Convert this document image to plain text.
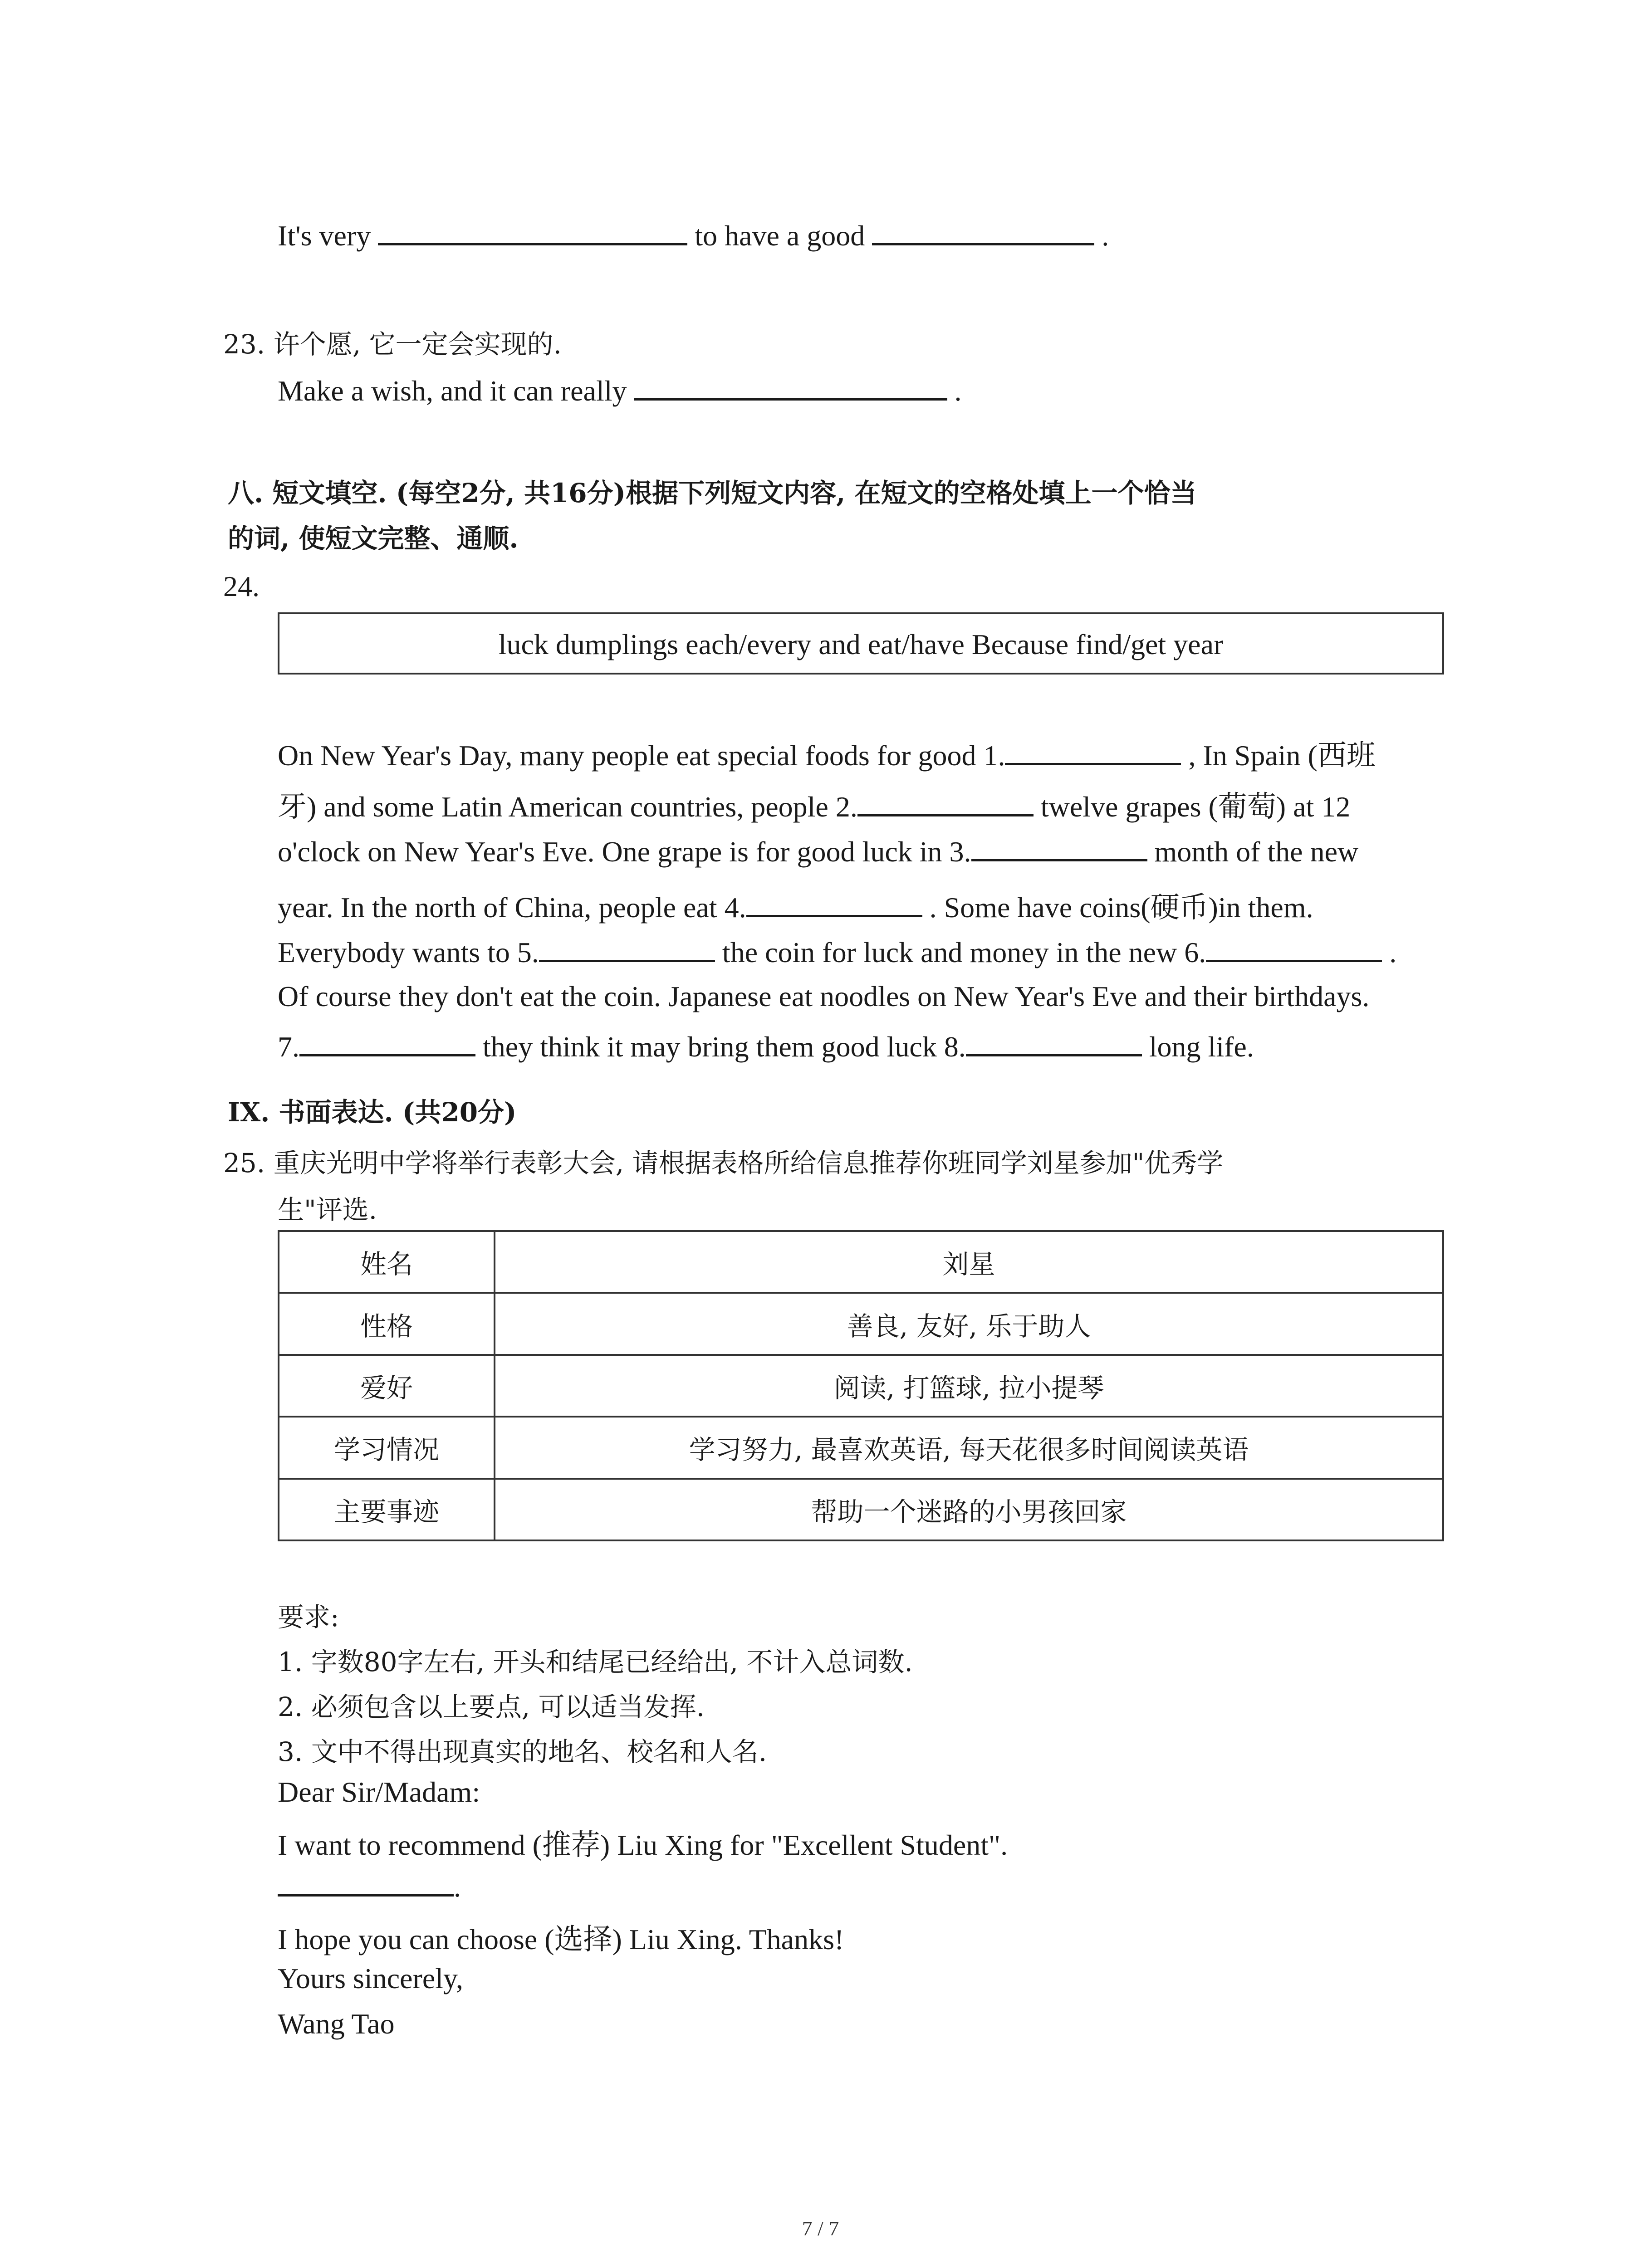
It's very	to have a good	.
23. 许个愿, 它一定会实现的.
Make a wish, and it can really	.
八. 短文填空. (每空2分, 共16分)根据下列短文内容, 在短文的空格处填上一个恰当
的词, 使短文完整、通顺.
24.
luck dumplings each/every and eat/have Because find/get year
On New Year's Day, many people eat special foods for good 1.	, In Spain (西班
牙) and some Latin American countries, people 2.	twelve grapes (葡萄) at 12
o'clock on New Year's Eve. One grape is for good luck in 3.	month of the new
year. In the north of China, people eat 4.	. Some have coins(硬币)in them.
Everybody wants to 5.	the coin for luck and money in the new 6.	.
Of course they don't eat the coin. Japanese eat noodles on New Year's Eve and their birthdays.
7.	they think it may bring them good luck 8.	long life.
IX. 书面表达. (共20分)
25. 重庆光明中学将举行表彰大会, 请根据表格所给信息推荐你班同学刘星参加"优秀学
生"评选.
姓名	刘星
性格	善良, 友好, 乐于助人
爱好	阅读, 打篮球, 拉小提琴
学习情况	学习努力, 最喜欢英语, 每天花很多时间阅读英语
主要事迹	帮助一个迷路的小男孩回家
要求:
1. 字数80字左右, 开头和结尾已经给出, 不计入总词数.
2. 必须包含以上要点, 可以适当发挥.
3. 文中不得出现真实的地名、校名和人名.
Dear Sir/Madam:
I want to recommend (推荐) Liu Xing for "Excellent Student".
.
I hope you can choose (选择) Liu Xing. Thanks!
Yours sincerely,
Wang Tao
7 / 7
